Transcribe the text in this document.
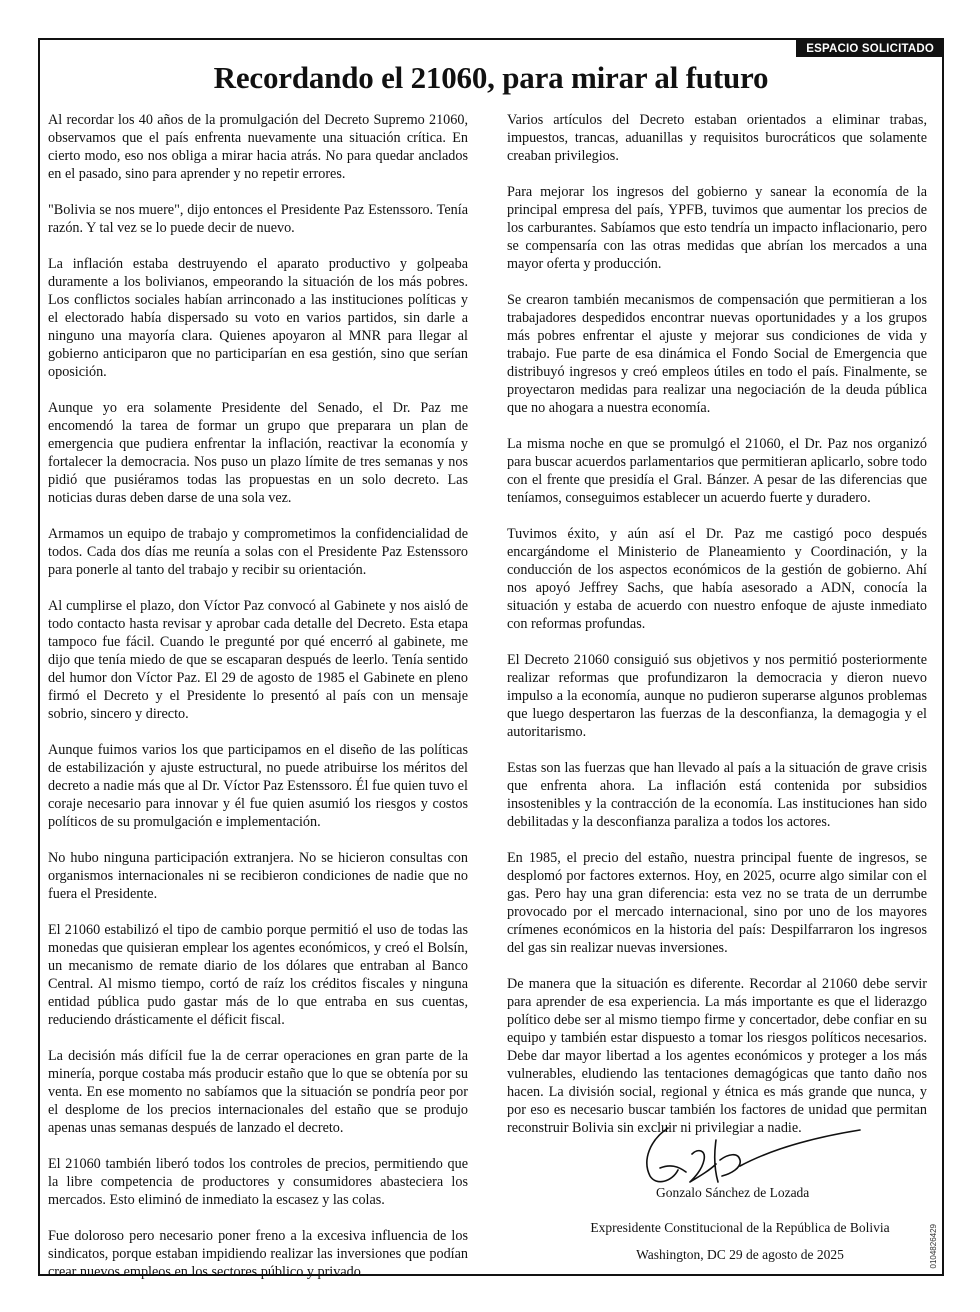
ESPACIO SOLICITADO
Recordando el 21060, para mirar al futuro

Al recordar los 40 años de la promulgación del Decreto Supremo 21060, observamos que el país enfrenta nuevamente una situación crítica. En cierto modo, eso nos obliga a mirar hacia atrás. No para quedar anclados en el pasado, sino para aprender y no repetir errores.

"Bolivia se nos muere", dijo entonces el Presidente Paz Estenssoro. Tenía razón. Y tal vez se lo puede decir de nuevo.

La inflación estaba destruyendo el aparato productivo y golpeaba duramente a los bolivianos, empeorando la situación de los más pobres. Los conflictos sociales habían arrinconado a las instituciones políticas y el electorado había dispersado su voto en varios partidos, sin darle a ninguno una mayoría clara. Quienes apoyaron al MNR para llegar al gobierno anticiparon que no participarían en esa gestión, sino que serían oposición.

Aunque yo era solamente Presidente del Senado, el Dr. Paz me encomendó la tarea de formar un grupo que preparara un plan de emergencia que pudiera enfrentar la inflación, reactivar la economía y fortalecer la democracia. Nos puso un plazo límite de tres semanas y nos pidió que pusiéramos todas las propuestas en un solo decreto. Las noticias duras deben darse de una sola vez.

Armamos un equipo de trabajo y comprometimos la confidencialidad de todos. Cada dos días me reunía a solas con el Presidente Paz Estenssoro para ponerle al tanto del trabajo y recibir su orientación.

Al cumplirse el plazo, don Víctor Paz convocó al Gabinete y nos aisló de todo contacto hasta revisar y aprobar cada detalle del Decreto. Esta etapa tampoco fue fácil. Cuando le pregunté por qué encerró al gabinete, me dijo que tenía miedo de que se escaparan después de leerlo. Tenía sentido del humor don Víctor Paz. El 29 de agosto de 1985 el Gabinete en pleno firmó el Decreto y el Presidente lo presentó al país con un mensaje sobrio, sincero y directo.

Aunque fuimos varios los que participamos en el diseño de las políticas de estabilización y ajuste estructural, no puede atribuirse los méritos del decreto a nadie más que al Dr. Víctor Paz Estenssoro. Él fue quien tuvo el coraje necesario para innovar y él fue quien asumió los riesgos y costos políticos de su promulgación e implementación.

No hubo ninguna participación extranjera. No se hicieron consultas con organismos internacionales ni se recibieron condiciones de nadie que no fuera el Presidente.

El 21060 estabilizó el tipo de cambio porque permitió el uso de todas las monedas que quisieran emplear los agentes económicos, y creó el Bolsín, un mecanismo de remate diario de los dólares que entraban al Banco Central. Al mismo tiempo, cortó de raíz los créditos fiscales y ninguna entidad pública pudo gastar más de lo que entraba en sus cuentas, reduciendo drásticamente el déficit fiscal.

La decisión más difícil fue la de cerrar operaciones en gran parte de la minería, porque costaba más producir estaño que lo que se obtenía por su venta. En ese momento no sabíamos que la situación se pondría peor por el desplome de los precios internacionales del estaño que se produjo apenas unas semanas después de lanzado el decreto.

El 21060 también liberó todos los controles de precios, permitiendo que la libre competencia de productores y consumidores abasteciera los mercados. Esto eliminó de inmediato la escasez y las colas.

Fue doloroso pero necesario poner freno a la excesiva influencia de los sindicatos, porque estaban impidiendo realizar las inversiones que podían crear nuevos empleos en los sectores público y privado.

Varios artículos del Decreto estaban orientados a eliminar trabas, impuestos, trancas, aduanillas y requisitos burocráticos que solamente creaban privilegios.

Para mejorar los ingresos del gobierno y sanear la economía de la principal empresa del país, YPFB, tuvimos que aumentar los precios de los carburantes. Sabíamos que esto tendría un impacto inflacionario, pero se compensaría con las otras medidas que abrían los mercados a una mayor oferta y producción.

Se crearon también mecanismos de compensación que permitieran a los trabajadores despedidos encontrar nuevas oportunidades y a los grupos más pobres enfrentar el ajuste y mejorar sus condiciones de vida y trabajo. Fue parte de esa dinámica el Fondo Social de Emergencia que distribuyó ingresos y creó empleos útiles en todo el país. Finalmente, se proyectaron medidas para realizar una negociación de la deuda pública que no ahogara a nuestra economía.

La misma noche en que se promulgó el 21060, el Dr. Paz nos organizó para buscar acuerdos parlamentarios que permitieran aplicarlo, sobre todo con el frente que presidía el Gral. Bánzer. A pesar de las diferencias que teníamos, conseguimos establecer un acuerdo fuerte y duradero.

Tuvimos éxito, y aún así el Dr. Paz me castigó poco después encargándome el Ministerio de Planeamiento y Coordinación, y la conducción de los aspectos económicos de la gestión de gobierno. Ahí nos apoyó Jeffrey Sachs, que había asesorado a ADN, conocía la situación y estaba de acuerdo con nuestro enfoque de ajuste inmediato con reformas profundas.

El Decreto 21060 consiguió sus objetivos y nos permitió posteriormente realizar reformas que profundizaron la democracia y dieron nuevo impulso a la economía, aunque no pudieron superarse algunos problemas que luego despertaron las fuerzas de la desconfianza, la demagogia y el autoritarismo.

Estas son las fuerzas que han llevado al país a la situación de grave crisis que enfrenta ahora. La inflación está contenida por subsidios insostenibles y la contracción de la economía. Las instituciones han sido debilitadas y la desconfianza paraliza a todos los actores.

En 1985, el precio del estaño, nuestra principal fuente de ingresos, se desplomó por factores externos. Hoy, en 2025, ocurre algo similar con el gas. Pero hay una gran diferencia: esta vez no se trata de un derrumbe provocado por el mercado internacional, sino por uno de los mayores crímenes económicos en la historia del país: Despilfarraron los ingresos del gas sin realizar nuevas inversiones.

De manera que la situación es diferente. Recordar al 21060 debe servir para aprender de esa experiencia. La más importante es que el liderazgo político debe ser al mismo tiempo firme y concertador, debe confiar en su equipo y también estar dispuesto a tomar los riesgos políticos necesarios. Debe dar mayor libertad a los agentes económicos y proteger a los más vulnerables, eludiendo las tentaciones demagógicas que tanto daño nos hacen. La división social, regional y étnica es más grande que nunca, y por eso es necesario buscar también los factores de unidad que permitan reconstruir Bolivia sin excluir ni privilegiar a nadie.

Gonzalo Sánchez de Lozada
Expresidente Constitucional de la República de Bolivia
Washington, DC 29 de agosto de 2025	0104826429
